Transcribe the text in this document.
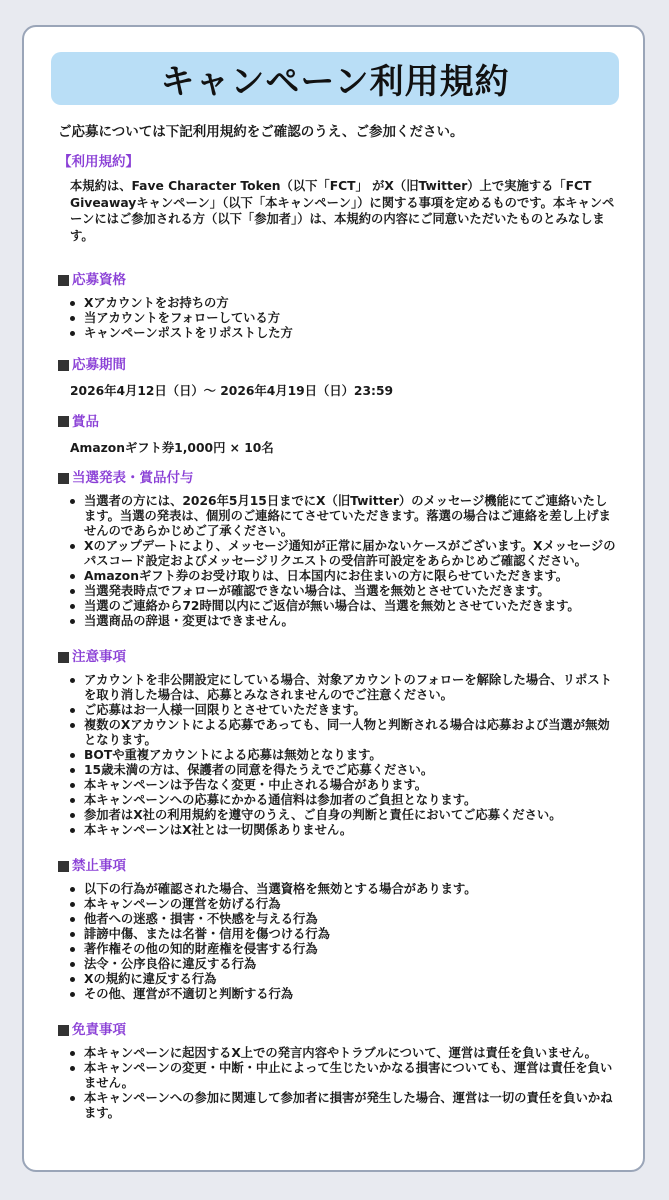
キャンペーン利用規約

ご応募については下記利用規約をご確認のうえ、ご参加ください。

【利用規約】

本規約は、Fave Character Token（以下「FCT」 がX（旧Twitter）上で実施する「FCT Giveawayキャンペーン」（以下「本キャンペーン」）に関する事項を定めるものです。本キャンペーンにはご参加される方（以下「参加者」）は、本規約の内容にご同意いただいたものとみなします。

応募資格

Xアカウントをお持ちの方
当アカウントをフォローしている方
キャンペーンポストをリポストした方

応募期間

2026年4月12日（日）〜 2026年4月19日（日）23:59

賞品

Amazonギフト券1,000円 × 10名

当選発表・賞品付与

当選者の方には、2026年5月15日までにX（旧Twitter）のメッセージ機能にてご連絡いたします。当選の発表は、個別のご連絡にてさせていただきます。落選の場合はご連絡を差し上げませんのであらかじめご了承ください。
Xのアップデートにより、メッセージ通知が正常に届かないケースがございます。Xメッセージのパスコード設定およびメッセージリクエストの受信許可設定をあらかじめご確認ください。
Amazonギフト券のお受け取りは、日本国内にお住まいの方に限らせていただきます。
当選発表時点でフォローが確認できない場合は、当選を無効とさせていただきます。
当選のご連絡から72時間以内にご返信が無い場合は、当選を無効とさせていただきます。
当選商品の辞退・変更はできません。

注意事項

アカウントを非公開設定にしている場合、対象アカウントのフォローを解除した場合、リポストを取り消した場合は、応募とみなされませんのでご注意ください。
ご応募はお一人様一回限りとさせていただきます。
複数のXアカウントによる応募であっても、同一人物と判断される場合は応募および当選が無効となります。
BOTや重複アカウントによる応募は無効となります。
15歳未満の方は、保護者の同意を得たうえでご応募ください。
本キャンペーンは予告なく変更・中止される場合があります。
本キャンペーンへの応募にかかる通信料は参加者のご負担となります。
参加者はX社の利用規約を遵守のうえ、ご自身の判断と責任においてご応募ください。
本キャンペーンはX社とは一切関係ありません。

禁止事項

以下の行為が確認された場合、当選資格を無効とする場合があります。
本キャンペーンの運営を妨げる行為
他者への迷惑・損害・不快感を与える行為
誹謗中傷、または名誉・信用を傷つける行為
著作権その他の知的財産権を侵害する行為
法令・公序良俗に違反する行為
Xの規約に違反する行為
その他、運営が不適切と判断する行為

免責事項

本キャンペーンに起因するX上での発言内容やトラブルについて、運営は責任を負いません。
本キャンペーンの変更・中断・中止によって生じたいかなる損害についても、運営は責任を負いません。
本キャンペーンへの参加に関連して参加者に損害が発生した場合、運営は一切の責任を負いかねます。
